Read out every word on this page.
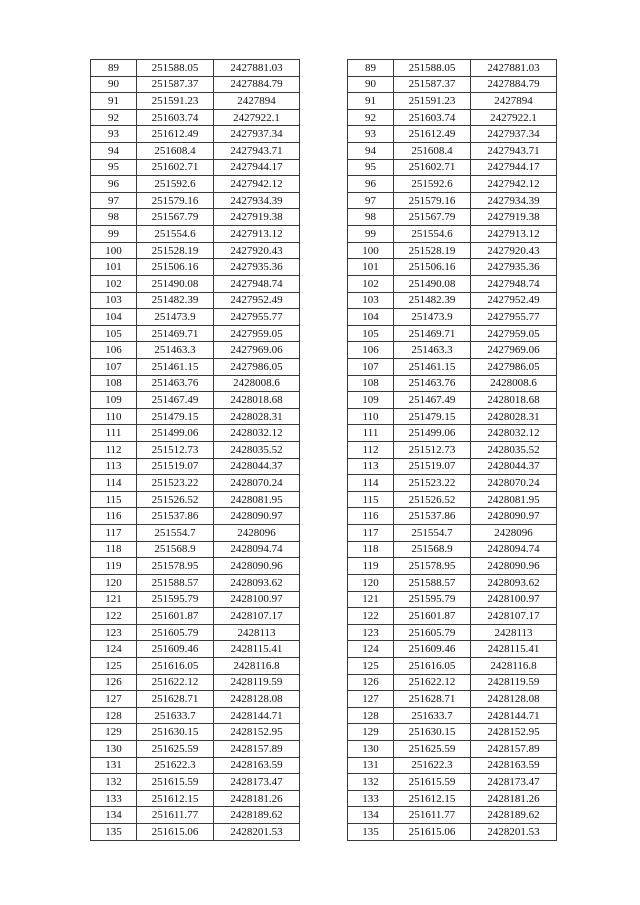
89	251588.05	2427881.03
90	251587.37	2427884.79
91	251591.23	2427894
92	251603.74	2427922.1
93	251612.49	2427937.34
94	251608.4	2427943.71
95	251602.71	2427944.17
96	251592.6	2427942.12
97	251579.16	2427934.39
98	251567.79	2427919.38
99	251554.6	2427913.12
100	251528.19	2427920.43
101	251506.16	2427935.36
102	251490.08	2427948.74
103	251482.39	2427952.49
104	251473.9	2427955.77
105	251469.71	2427959.05
106	251463.3	2427969.06
107	251461.15	2427986.05
108	251463.76	2428008.6
109	251467.49	2428018.68
110	251479.15	2428028.31
111	251499.06	2428032.12
112	251512.73	2428035.52
113	251519.07	2428044.37
114	251523.22	2428070.24
115	251526.52	2428081.95
116	251537.86	2428090.97
117	251554.7	2428096
118	251568.9	2428094.74
119	251578.95	2428090.96
120	251588.57	2428093.62
121	251595.79	2428100.97
122	251601.87	2428107.17
123	251605.79	2428113
124	251609.46	2428115.41
125	251616.05	2428116.8
126	251622.12	2428119.59
127	251628.71	2428128.08
128	251633.7	2428144.71
129	251630.15	2428152.95
130	251625.59	2428157.89
131	251622.3	2428163.59
132	251615.59	2428173.47
133	251612.15	2428181.26
134	251611.77	2428189.62
135	251615.06	2428201.53
89	251588.05	2427881.03
90	251587.37	2427884.79
91	251591.23	2427894
92	251603.74	2427922.1
93	251612.49	2427937.34
94	251608.4	2427943.71
95	251602.71	2427944.17
96	251592.6	2427942.12
97	251579.16	2427934.39
98	251567.79	2427919.38
99	251554.6	2427913.12
100	251528.19	2427920.43
101	251506.16	2427935.36
102	251490.08	2427948.74
103	251482.39	2427952.49
104	251473.9	2427955.77
105	251469.71	2427959.05
106	251463.3	2427969.06
107	251461.15	2427986.05
108	251463.76	2428008.6
109	251467.49	2428018.68
110	251479.15	2428028.31
111	251499.06	2428032.12
112	251512.73	2428035.52
113	251519.07	2428044.37
114	251523.22	2428070.24
115	251526.52	2428081.95
116	251537.86	2428090.97
117	251554.7	2428096
118	251568.9	2428094.74
119	251578.95	2428090.96
120	251588.57	2428093.62
121	251595.79	2428100.97
122	251601.87	2428107.17
123	251605.79	2428113
124	251609.46	2428115.41
125	251616.05	2428116.8
126	251622.12	2428119.59
127	251628.71	2428128.08
128	251633.7	2428144.71
129	251630.15	2428152.95
130	251625.59	2428157.89
131	251622.3	2428163.59
132	251615.59	2428173.47
133	251612.15	2428181.26
134	251611.77	2428189.62
135	251615.06	2428201.53
